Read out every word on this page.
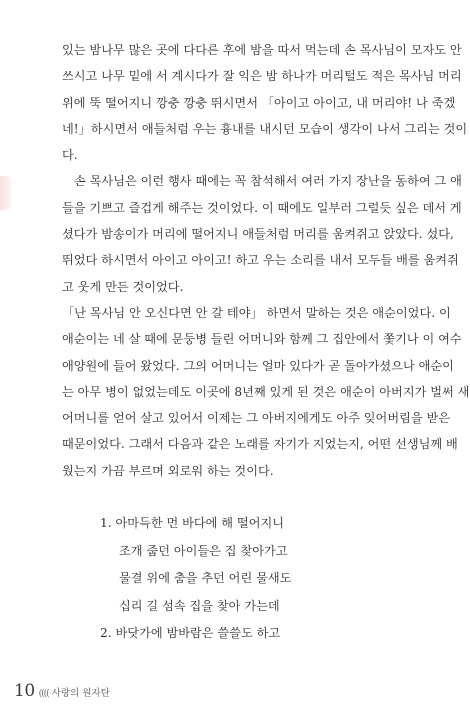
있는 밤나무 많은 곳에 다다른 후에 밤을 따서 먹는데 손 목사님이 모자도 안
쓰시고 나무 밑에 서 계시다가 잘 익은 밤 하나가 머리털도 적은 목사님 머리
위에 뚝 떨어지니 깡충 깡충 뛰시면서 「아이고 아이고, 내 머리야! 나 죽겠
네!」하시면서 애들처럼 우는 흉내를 내시던 모습이 생각이 나서 그리는 것이
다.
손 목사님은 이런 행사 때에는 꼭 참석해서 여러 가지 장난을 동하여 그 애
들을 기쁘고 즐겁게 해주는 것이었다. 이 때에도 일부러 그럴듯 싶은 데서 게
셨다가 밤송이가 머리에 떨어지니 애들처럼 머리를 움켜쥐고 앉았다. 섰다,
뛰었다 하시면서 아이고 아이고! 하고 우는 소리를 내서 모두들 배를 움켜쥐
고 웃게 만든 것이었다.
「난 목사님 안 오신다면 안 갈 테야」 하면서 말하는 것은 애순이었다. 이
애순이는 네 살 때에 문둥병 들린 어머니와 함께 그 집안에서 쫓기나 이 여수
애양원에 들어 왔었다. 그의 어머니는 얼마 있다가 곧 돌아가셨으나 애순이
는 아무 병이 없었는데도 이곳에 8년째 있게 된 것은 애순이 아버지가 벌써 새
어머니를 얻어 살고 있어서 이제는 그 아버지에게도 아주 잊어버림을 받은
때문이었다. 그래서 다음과 같은 노래를 자기가 지었는지, 어떤 선생님께 배
웠는지 가끔 부르며 외로워 하는 것이다.
1. 아마득한 먼 바다에 해 떨어지니
조개 줍던 아이들은 집 찾아가고
물결 위에 춤을 추던 어린 물새도
십리 길 섬속 집을 찾아 가는데
2. 바닷가에 밤바람은 쓸쓸도 하고
10 (((( 사랑의 원자탄
